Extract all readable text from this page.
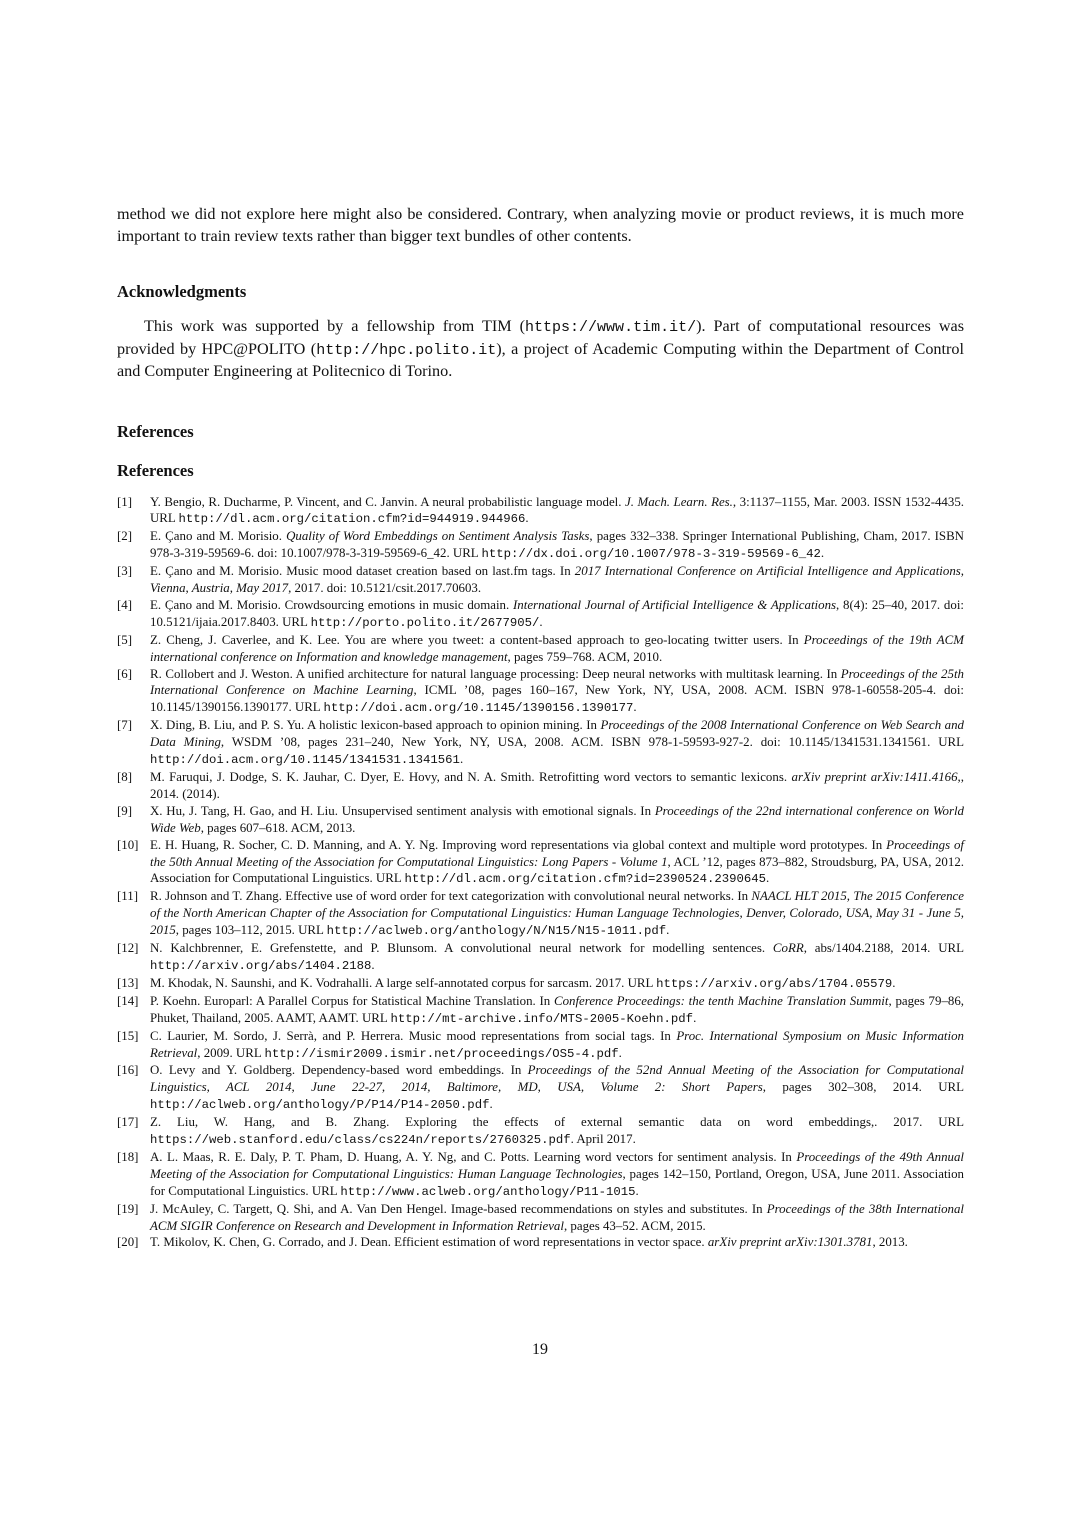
method we did not explore here might also be considered. Contrary, when analyzing movie or product reviews, it is much more important to train review texts rather than bigger text bundles of other contents.

Acknowledgments

This work was supported by a fellowship from TIM (https://www.tim.it/). Part of computational resources was provided by HPC@POLITO (http://hpc.polito.it), a project of Academic Computing within the Department of Control and Computer Engineering at Politecnico di Torino.

References
References
[1]	Y. Bengio, R. Ducharme, P. Vincent, and C. Janvin. A neural probabilistic language model. J. Mach. Learn. Res., 3:1137–1155, Mar. 2003. ISSN 1532-4435. URL http://dl.acm.org/citation.cfm?id=944919.944966.
[2]	E. Çano and M. Morisio. Quality of Word Embeddings on Sentiment Analysis Tasks, pages 332–338. Springer International Publishing, Cham, 2017. ISBN 978-3-319-59569-6. doi: 10.1007/978-3-319-59569-6_42. URL http://dx.doi.org/10.1007/978-3-319-59569-6_42.
[3]	E. Çano and M. Morisio. Music mood dataset creation based on last.fm tags. In 2017 International Conference on Artificial Intelligence and Applications, Vienna, Austria, May 2017, 2017. doi: 10.5121/csit.2017.70603.
[4]	E. Çano and M. Morisio. Crowdsourcing emotions in music domain. International Journal of Artificial Intelligence & Applications, 8(4): 25–40, 2017. doi: 10.5121/ijaia.2017.8403. URL http://porto.polito.it/2677905/.
[5]	Z. Cheng, J. Caverlee, and K. Lee. You are where you tweet: a content-based approach to geo-locating twitter users. In Proceedings of the 19th ACM international conference on Information and knowledge management, pages 759–768. ACM, 2010.
[6]	R. Collobert and J. Weston. A unified architecture for natural language processing: Deep neural networks with multitask learning. In Proceedings of the 25th International Conference on Machine Learning, ICML ’08, pages 160–167, New York, NY, USA, 2008. ACM. ISBN 978-1-60558-205-4. doi: 10.1145/1390156.1390177. URL http://doi.acm.org/10.1145/1390156.1390177.
[7]	X. Ding, B. Liu, and P. S. Yu. A holistic lexicon-based approach to opinion mining. In Proceedings of the 2008 International Conference on Web Search and Data Mining, WSDM ’08, pages 231–240, New York, NY, USA, 2008. ACM. ISBN 978-1-59593-927-2. doi: 10.1145/1341531.1341561. URL http://doi.acm.org/10.1145/1341531.1341561.
[8]	M. Faruqui, J. Dodge, S. K. Jauhar, C. Dyer, E. Hovy, and N. A. Smith. Retrofitting word vectors to semantic lexicons. arXiv preprint arXiv:1411.4166,, 2014. (2014).
[9]	X. Hu, J. Tang, H. Gao, and H. Liu. Unsupervised sentiment analysis with emotional signals. In Proceedings of the 22nd international conference on World Wide Web, pages 607–618. ACM, 2013.
[10] E. H. Huang, R. Socher, C. D. Manning, and A. Y. Ng. Improving word representations via global context and multiple word prototypes. In Proceedings of the 50th Annual Meeting of the Association for Computational Linguistics: Long Papers - Volume 1, ACL ’12, pages 873–882, Stroudsburg, PA, USA, 2012. Association for Computational Linguistics. URL http://dl.acm.org/citation.cfm?id=2390524.2390645.
[11] R. Johnson and T. Zhang. Effective use of word order for text categorization with convolutional neural networks. In NAACL HLT 2015, The 2015 Conference of the North American Chapter of the Association for Computational Linguistics: Human Language Technologies, Denver, Colorado, USA, May 31 - June 5, 2015, pages 103–112, 2015. URL http://aclweb.org/anthology/N/N15/N15-1011.pdf.
[12] N. Kalchbrenner, E. Grefenstette, and P. Blunsom. A convolutional neural network for modelling sentences. CoRR, abs/1404.2188, 2014. URL http://arxiv.org/abs/1404.2188.
[13] M. Khodak, N. Saunshi, and K. Vodrahalli. A large self-annotated corpus for sarcasm. 2017. URL https://arxiv.org/abs/1704.05579.
[14] P. Koehn. Europarl: A Parallel Corpus for Statistical Machine Translation. In Conference Proceedings: the tenth Machine Translation Summit, pages 79–86, Phuket, Thailand, 2005. AAMT, AAMT. URL http://mt-archive.info/MTS-2005-Koehn.pdf.
[15] C. Laurier, M. Sordo, J. Serrà, and P. Herrera. Music mood representations from social tags. In Proc. International Symposium on Music Information Retrieval, 2009. URL http://ismir2009.ismir.net/proceedings/OS5-4.pdf.
[16] O. Levy and Y. Goldberg. Dependency-based word embeddings. In Proceedings of the 52nd Annual Meeting of the Association for Computational Linguistics, ACL 2014, June 22-27, 2014, Baltimore, MD, USA, Volume 2: Short Papers, pages 302–308, 2014. URL http://aclweb.org/anthology/P/P14/P14-2050.pdf.
[17] Z. Liu, W. Hang, and B. Zhang. Exploring the effects of external semantic data on word embeddings,. 2017. URL https://web.stanford.edu/class/cs224n/reports/2760325.pdf. April 2017.
[18] A. L. Maas, R. E. Daly, P. T. Pham, D. Huang, A. Y. Ng, and C. Potts. Learning word vectors for sentiment analysis. In Proceedings of the 49th Annual Meeting of the Association for Computational Linguistics: Human Language Technologies, pages 142–150, Portland, Oregon, USA, June 2011. Association for Computational Linguistics. URL http://www.aclweb.org/anthology/P11-1015.
[19] J. McAuley, C. Targett, Q. Shi, and A. Van Den Hengel. Image-based recommendations on styles and substitutes. In Proceedings of the 38th International ACM SIGIR Conference on Research and Development in Information Retrieval, pages 43–52. ACM, 2015.
[20] T. Mikolov, K. Chen, G. Corrado, and J. Dean. Efficient estimation of word representations in vector space. arXiv preprint arXiv:1301.3781, 2013.
19
